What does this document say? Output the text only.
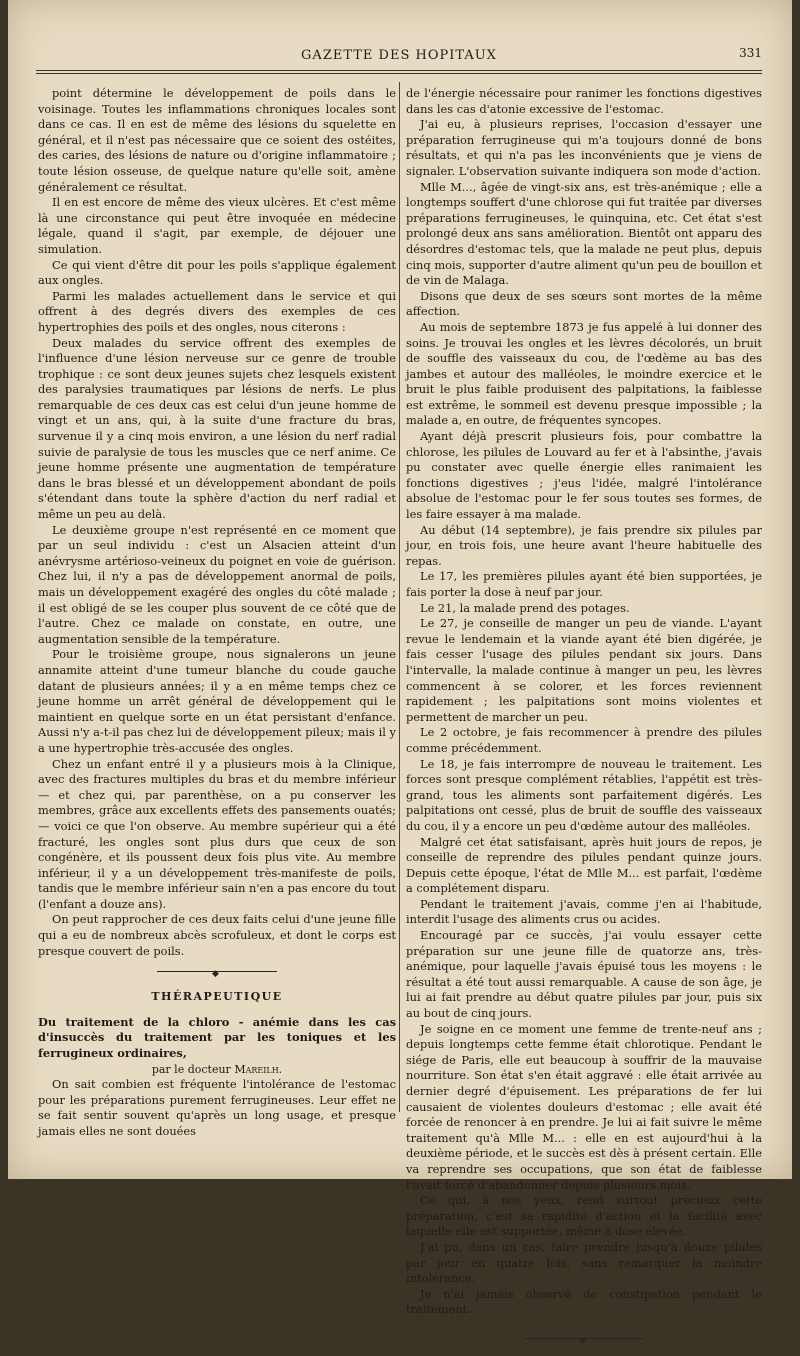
GAZETTE DES HOPITAUX	331

point détermine le développement de poils dans le voisinage. Toutes les inflammations chroniques locales sont dans ce cas. Il en est de même des lésions du squelette en général, et il n'est pas nécessaire que ce soient des ostéites, des caries, des lésions de nature ou d'origine inflammatoire ; toute lésion osseuse, de quelque nature qu'elle soit, amène généralement ce résultat.

Il en est encore de même des vieux ulcères. Et c'est même là une circonstance qui peut être invoquée en médecine légale, quand il s'agit, par exemple, de déjouer une simulation.

Ce qui vient d'être dit pour les poils s'applique également aux ongles.

Parmi les malades actuellement dans le service et qui offrent à des degrés divers des exemples de ces hypertrophies des poils et des ongles, nous citerons :

Deux malades du service offrent des exemples de l'influence d'une lésion nerveuse sur ce genre de trouble trophique : ce sont deux jeunes sujets chez lesquels existent des paralysies traumatiques par lésions de nerfs. Le plus remarquable de ces deux cas est celui d'un jeune homme de vingt et un ans, qui, à la suite d'une fracture du bras, survenue il y a cinq mois environ, a une lésion du nerf radial suivie de paralysie de tous les muscles que ce nerf anime. Ce jeune homme présente une augmentation de température dans le bras blessé et un développement abondant de poils s'étendant dans toute la sphère d'action du nerf radial et même un peu au delà.

Le deuxième groupe n'est représenté en ce moment que par un seul individu : c'est un Alsacien atteint d'un anévrysme artérioso-veineux du poignet en voie de guérison. Chez lui, il n'y a pas de développement anormal de poils, mais un développement exagéré des ongles du côté malade ; il est obligé de se les couper plus souvent de ce côté que de l'autre. Chez ce malade on constate, en outre, une augmentation sensible de la température.

Pour le troisième groupe, nous signalerons un jeune annamite atteint d'une tumeur blanche du coude gauche datant de plusieurs années; il y a en même temps chez ce jeune homme un arrêt général de développement qui le maintient en quelque sorte en un état persistant d'enfance. Aussi n'y a-t-il pas chez lui de développement pileux; mais il y a une hypertrophie très-accusée des ongles.

Chez un enfant entré il y a plusieurs mois à la Clinique, avec des fractures multiples du bras et du membre inférieur — et chez qui, par parenthèse, on a pu conserver les membres, grâce aux excellents effets des pansements ouatés; — voici ce que l'on observe. Au membre supérieur qui a été fracturé, les ongles sont plus durs que ceux de son congénère, et ils poussent deux fois plus vite. Au membre inférieur, il y a un développement très-manifeste de poils, tandis que le membre inférieur sain n'en a pas encore du tout (l'enfant a douze ans).

On peut rapprocher de ces deux faits celui d'une jeune fille qui a eu de nombreux abcès scrofuleux, et dont le corps est presque couvert de poils.

◆
THÉRAPEUTIQUE

Du traitement de la chloro - anémie dans les cas d'insuccès du traitement par les toniques et les ferrugineux ordinaires,

par le docteur Mareilh.

On sait combien est fréquente l'intolérance de l'estomac pour les préparations purement ferrugineuses. Leur effet ne se fait sentir souvent qu'après un long usage, et presque jamais elles ne sont douées

de l'énergie nécessaire pour ranimer les fonctions digestives dans les cas d'atonie excessive de l'estomac.

J'ai eu, à plusieurs reprises, l'occasion d'essayer une préparation ferrugineuse qui m'a toujours donné de bons résultats, et qui n'a pas les inconvénients que je viens de signaler. L'observation suivante indiquera son mode d'action.

Mlle M..., âgée de vingt-six ans, est très-anémique ; elle a longtemps souffert d'une chlorose qui fut traitée par diverses préparations ferrugineuses, le quinquina, etc. Cet état s'est prolongé deux ans sans amélioration. Bientôt ont apparu des désordres d'estomac tels, que la malade ne peut plus, depuis cinq mois, supporter d'autre aliment qu'un peu de bouillon et de vin de Malaga.

Disons que deux de ses sœurs sont mortes de la même affection.

Au mois de septembre 1873 je fus appelé à lui donner des soins. Je trouvai les ongles et les lèvres décolorés, un bruit de souffle des vaisseaux du cou, de l'œdème au bas des jambes et autour des malléoles, le moindre exercice et le bruit le plus faible produisent des palpitations, la faiblesse est extrême, le sommeil est devenu presque impossible ; la malade a, en outre, de fréquentes syncopes.

Ayant déjà prescrit plusieurs fois, pour combattre la chlorose, les pilules de Louvard au fer et à l'absinthe, j'avais pu constater avec quelle énergie elles ranimaient les fonctions digestives ; j'eus l'idée, malgré l'intolérance absolue de l'estomac pour le fer sous toutes ses formes, de les faire essayer à ma malade.

Au début (14 septembre), je fais prendre six pilules par jour, en trois fois, une heure avant l'heure habituelle des repas.

Le 17, les premières pilules ayant été bien supportées, je fais porter la dose à neuf par jour.

Le 21, la malade prend des potages.

Le 27, je conseille de manger un peu de viande. L'ayant revue le lendemain et la viande ayant été bien digérée, je fais cesser l'usage des pilules pendant six jours. Dans l'intervalle, la malade continue à manger un peu, les lèvres commencent à se colorer, et les forces reviennent rapidement ; les palpitations sont moins violentes et permettent de marcher un peu.

Le 2 octobre, je fais recommencer à prendre des pilules comme précédemment.

Le 18, je fais interrompre de nouveau le traitement. Les forces sont presque complément rétablies, l'appétit est très-grand, tous les aliments sont parfaitement digérés. Les palpitations ont cessé, plus de bruit de souffle des vaisseaux du cou, il y a encore un peu d'œdème autour des malléoles.

Malgré cet état satisfaisant, après huit jours de repos, je conseille de reprendre des pilules pendant quinze jours. Depuis cette époque, l'état de Mlle M... est parfait, l'œdème a complétement disparu.

Pendant le traitement j'avais, comme j'en ai l'habitude, interdit l'usage des aliments crus ou acides.

Encouragé par ce succès, j'ai voulu essayer cette préparation sur une jeune fille de quatorze ans, très-anémique, pour laquelle j'avais épuisé tous les moyens : le résultat a été tout aussi remarquable. A cause de son âge, je lui ai fait prendre au début quatre pilules par jour, puis six au bout de cinq jours.

Je soigne en ce moment une femme de trente-neuf ans ; depuis longtemps cette femme était chlorotique. Pendant le siége de Paris, elle eut beaucoup à souffrir de la mauvaise nourriture. Son état s'en était aggravé : elle était arrivée au dernier degré d'épuisement. Les préparations de fer lui causaient de violentes douleurs d'estomac ; elle avait été forcée de renoncer à en prendre. Je lui ai fait suivre le même traitement qu'à Mlle M... : elle en est aujourd'hui à la deuxième période, et le succès est dès à présent certain. Elle va reprendre ses occupations, que son état de faiblesse l'avait forcé d'abandonner depuis plusieurs mois.

Ce qui, à nos yeux, rend surtout précieux cette préparation, c'est sa rapidité d'action et la facilité avec laquelle elle est supportée, même à dose élevée.

J'ai pu, dans un cas, faire prendre jusqu'à douze pilules par jour en quatre fois, sans remarquer la moindre intolérance.

Je n'ai jamais observé de constipation pendant le traitement.

◆
